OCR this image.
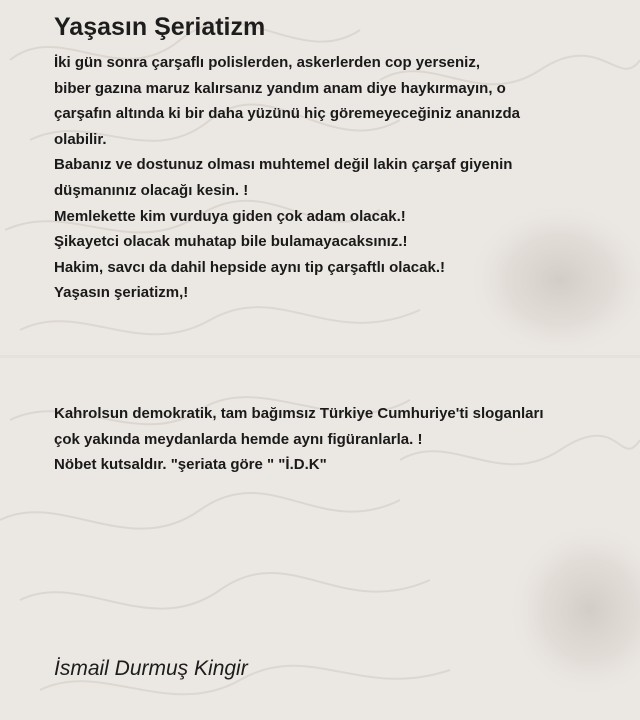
Yaşasın Şeriatizm

İki gün sonra çarşaflı polislerden, askerlerden cop yerseniz,
biber gazına maruz kalırsanız yandım anam diye haykırmayın, o
çarşafın altında ki bir daha yüzünü hiç göremeyeceğiniz ananızda
olabilir.
Babanız ve dostunuz olması muhtemel değil lakin çarşaf giyenin
düşmanınız olacağı kesin. !
Memlekette kim vurduya giden çok adam olacak.!
Şikayetci olacak muhatap bile bulamayacaksınız.!
Hakim, savcı da dahil hepside aynı tip çarşaftlı olacak.!
Yaşasın şeriatizm,!

Kahrolsun demokratik, tam bağımsız Türkiye Cumhuriye'ti sloganları
çok yakında meydanlarda hemde aynı figüranlarla. !
Nöbet kutsaldır. "şeriata göre " "İ.D.K"

İsmail Durmuş Kingir
